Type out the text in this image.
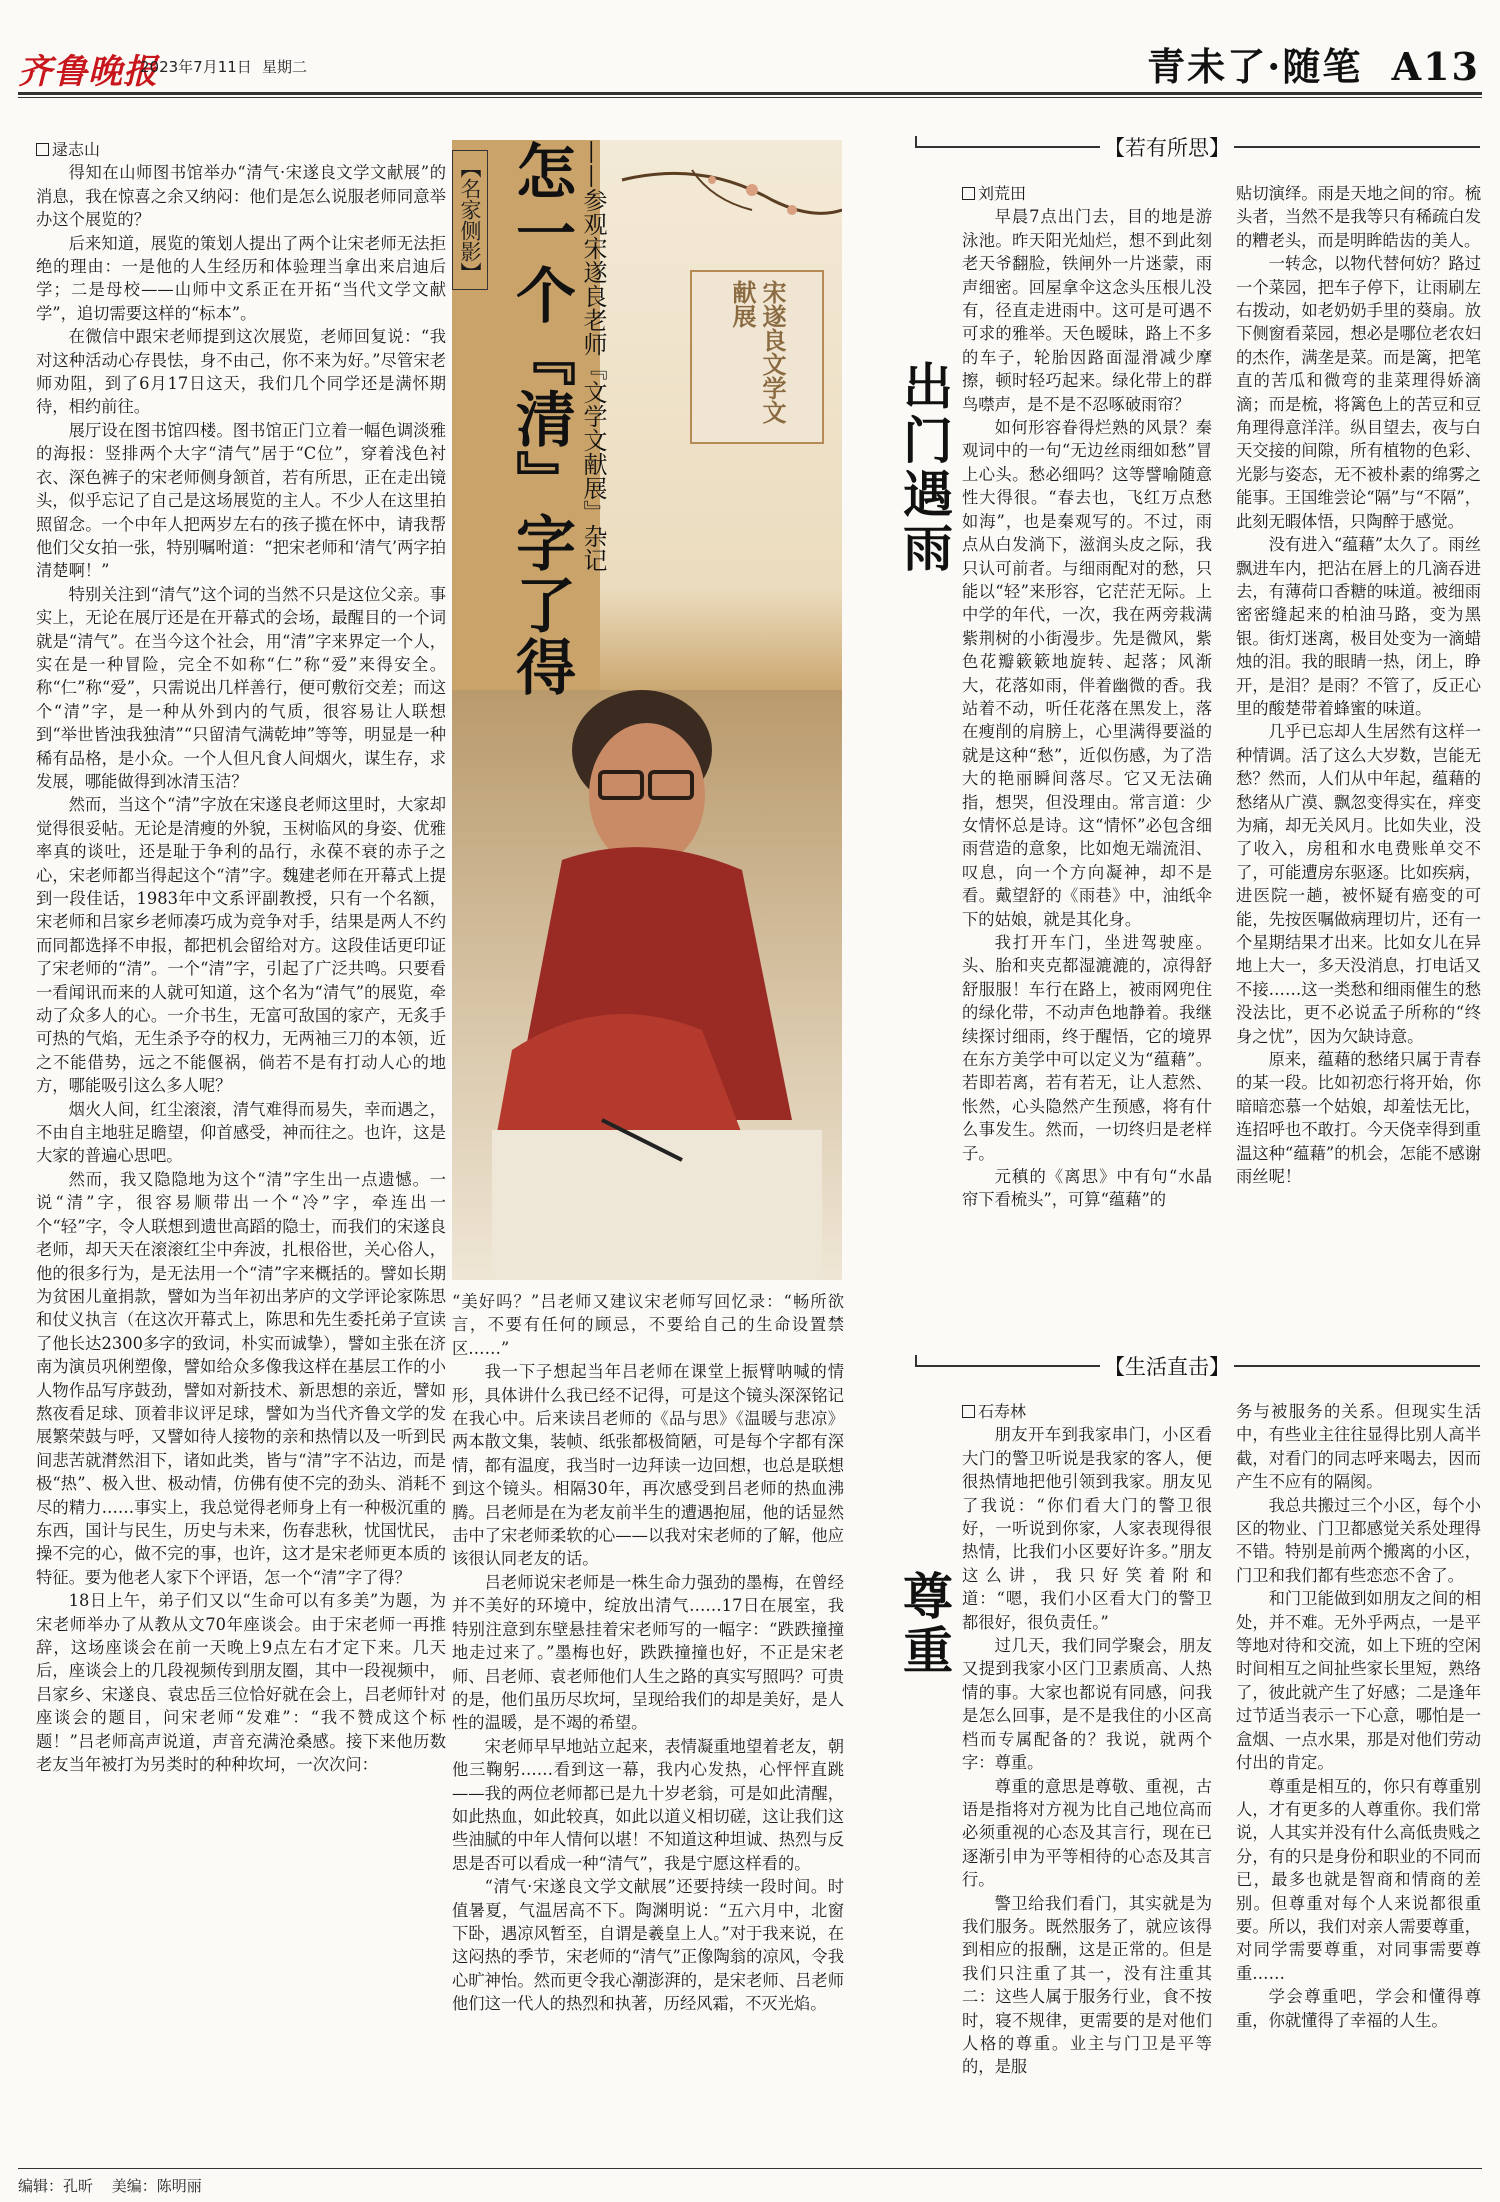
齐鲁晚报
2023年7月11日 星期二	青未了·随笔 A13
宋遂良文学文献展
【名家侧影】 怎一个『清』字了得 ——参观宋遂良老师『文学文献展』杂记

逯志山

得知在山师图书馆举办“清气·宋遂良文学文献展”的消息，我在惊喜之余又纳闷：他们是怎么说服老师同意举办这个展览的？

后来知道，展览的策划人提出了两个让宋老师无法拒绝的理由：一是他的人生经历和体验理当拿出来启迪后学；二是母校——山师中文系正在开拓“当代文学文献学”，追切需要这样的“标本”。

在微信中跟宋老师提到这次展览，老师回复说：“我对这种活动心存畏怯，身不由己，你不来为好。”尽管宋老师劝阻，到了6月17日这天，我们几个同学还是满怀期待，相约前往。

展厅设在图书馆四楼。图书馆正门立着一幅色调淡雅的海报：竖排两个大字“清气”居于“C位”，穿着浅色衬衣、深色裤子的宋老师侧身颔首，若有所思，正在走出镜头，似乎忘记了自己是这场展览的主人。不少人在这里拍照留念。一个中年人把两岁左右的孩子揽在怀中，请我帮他们父女拍一张，特别嘱咐道：“把宋老师和‘清气’两字拍清楚啊！”

特别关注到“清气”这个词的当然不只是这位父亲。事实上，无论在展厅还是在开幕式的会场，最醒目的一个词就是“清气”。在当今这个社会，用“清”字来界定一个人，实在是一种冒险，完全不如称“仁”称“爱”来得安全。称“仁”称“爱”，只需说出几样善行，便可敷衍交差；而这个“清”字，是一种从外到内的气质，很容易让人联想到“举世皆浊我独清”“只留清气满乾坤”等等，明显是一种稀有品格，是小众。一个人但凡食人间烟火，谋生存，求发展，哪能做得到冰清玉洁？

然而，当这个“清”字放在宋遂良老师这里时，大家却觉得很妥帖。无论是清瘦的外貌，玉树临风的身姿、优雅率真的谈吐，还是耻于争利的品行，永葆不衰的赤子之心，宋老师都当得起这个“清”字。魏建老师在开幕式上提到一段佳话，1983年中文系评副教授，只有一个名额，宋老师和吕家乡老师凑巧成为竞争对手，结果是两人不约而同都选择不申报，都把机会留给对方。这段佳话更印证了宋老师的“清”。一个“清”字，引起了广泛共鸣。只要看一看闻讯而来的人就可知道，这个名为“清气”的展览，牵动了众多人的心。一介书生，无富可敌国的家产，无炙手可热的气焰，无生杀予夺的权力，无两袖三刀的本领，近之不能借势，远之不能偃祸，倘若不是有打动人心的地方，哪能吸引这么多人呢？

烟火人间，红尘滚滚，清气难得而易失，幸而遇之，不由自主地驻足瞻望，仰首感受，神而往之。也许，这是大家的普遍心思吧。

然而，我又隐隐地为这个“清”字生出一点遗憾。一说“清”字，很容易顺带出一个“冷”字，牵连出一个“轻”字，令人联想到遗世高蹈的隐士，而我们的宋遂良老师，却天天在滚滚红尘中奔波，扎根俗世，关心俗人，他的很多行为，是无法用一个“清”字来概括的。譬如长期为贫困儿童捐款，譬如为当年初出茅庐的文学评论家陈思和仗义执言（在这次开幕式上，陈思和先生委托弟子宣读了他长达2300多字的致词，朴实而诚挚），譬如主张在济南为演员巩俐塑像，譬如给众多像我这样在基层工作的小人物作品写序鼓劲，譬如对新技术、新思想的亲近，譬如熬夜看足球、顶着非议评足球，譬如为当代齐鲁文学的发展繁荣鼓与呼，又譬如待人接物的亲和热情以及一听到民间悲苦就潸然泪下，诸如此类，皆与“清”字不沾边，而是极“热”、极入世、极动情，仿佛有使不完的劲头、消耗不尽的精力……事实上，我总觉得老师身上有一种极沉重的东西，国计与民生，历史与未来，伤春悲秋，忧国忧民，操不完的心，做不完的事，也许，这才是宋老师更本质的特征。要为他老人家下个评语，怎一个“清”字了得？

18日上午，弟子们又以“生命可以有多美”为题，为宋老师举办了从教从文70年座谈会。由于宋老师一再推辞，这场座谈会在前一天晚上9点左右才定下来。几天后，座谈会上的几段视频传到朋友圈，其中一段视频中，吕家乡、宋遂良、袁忠岳三位恰好就在会上，吕老师针对座谈会的题目，问宋老师“发难”：“我不赞成这个标题！”吕老师高声说道，声音充满沧桑感。接下来他历数老友当年被打为另类时的种种坎坷，一次次问：

“美好吗？”吕老师又建议宋老师写回忆录：“畅所欲言，不要有任何的顾忌，不要给自己的生命设置禁区……”

我一下子想起当年吕老师在课堂上振臂呐喊的情形，具体讲什么我已经不记得，可是这个镜头深深铭记在我心中。后来读吕老师的《品与思》《温暖与悲凉》两本散文集，装帧、纸张都极简陋，可是每个字都有深情，都有温度，我当时一边拜读一边回想，也总是联想到这个镜头。相隔30年，再次感受到吕老师的热血沸腾。吕老师是在为老友前半生的遭遇抱屈，他的话显然击中了宋老师柔软的心——以我对宋老师的了解，他应该很认同老友的话。

吕老师说宋老师是一株生命力强劲的墨梅，在曾经并不美好的环境中，绽放出清气……17日在展室，我特别注意到东壁悬挂着宋老师写的一幅字：“跌跌撞撞地走过来了。”墨梅也好，跌跌撞撞也好，不正是宋老师、吕老师、袁老师他们人生之路的真实写照吗？可贵的是，他们虽历尽坎坷，呈现给我们的却是美好，是人性的温暖，是不竭的希望。

宋老师早早地站立起来，表情凝重地望着老友，朝他三鞠躬……看到这一幕，我内心发热，心怦怦直跳——我的两位老师都已是九十岁老翁，可是如此清醒，如此热血，如此较真，如此以道义相切磋，这让我们这些油腻的中年人情何以堪！不知道这种坦诚、热烈与反思是否可以看成一种“清气”，我是宁愿这样看的。

“清气·宋遂良文学文献展”还要持续一段时间。时值暑夏，气温居高不下。陶渊明说：“五六月中，北窗下卧，遇凉风暂至，自谓是羲皇上人。”对于我来说，在这闷热的季节，宋老师的“清气”正像陶翁的凉风，令我心旷神怡。然而更令我心潮澎湃的，是宋老师、吕老师他们这一代人的热烈和执著，历经风霜，不灭光焰。

【若有所思】
出门遇雨

刘荒田

早晨7点出门去，目的地是游泳池。昨天阳光灿烂，想不到此刻老天爷翻脸，铁闸外一片迷蒙，雨声细密。回屋拿伞这念头压根儿没有，径直走进雨中。这可是可遇不可求的雅举。天色暧昧，路上不多的车子，轮胎因路面湿滑减少摩擦，顿时轻巧起来。绿化带上的群鸟噤声，是不是不忍啄破雨帘？

如何形容眷得烂熟的风景？秦观词中的一句“无边丝雨细如愁”冒上心头。愁必细吗？这等譬喻随意性大得很。“春去也，飞红万点愁如海”，也是秦观写的。不过，雨点从白发淌下，滋润头皮之际，我只认可前者。与细雨配对的愁，只能以“轻”来形容，它茫茫无际。上中学的年代，一次，我在两旁栽满紫荆树的小街漫步。先是微风，紫色花瓣簌簌地旋转、起落；风渐大，花落如雨，伴着幽微的香。我站着不动，听任花落在黑发上，落在瘦削的肩膀上，心里满得要溢的就是这种“愁”，近似伤感，为了浩大的艳丽瞬间落尽。它又无法确指，想哭，但没理由。常言道：少女情怀总是诗。这“情怀”必包含细雨营造的意象，比如炮无端流泪、叹息，向一个方向凝神，却不是看。戴望舒的《雨巷》中，油纸伞下的姑娘，就是其化身。

我打开车门，坐进驾驶座。头、胎和夹克都湿漉漉的，凉得舒舒服服！车行在路上，被雨网兜住的绿化带，不动声色地静着。我继续探讨细雨，终于醒悟，它的境界在东方美学中可以定义为“蕴藉”。若即若离，若有若无，让人惹然、怅然，心头隐然产生预感，将有什么事发生。然而，一切终归是老样子。

元稹的《离思》中有句“水晶帘下看梳头”，可算“蕴藉”的

贴切演绎。雨是天地之间的帘。梳头者，当然不是我等只有稀疏白发的糟老头，而是明眸皓齿的美人。

一转念，以物代替何妨？路过一个菜园，把车子停下，让雨刷左右拨动，如老奶奶手里的葵扇。放下侧窗看菜园，想必是哪位老农妇的杰作，满垄是菜。而是篱，把笔直的苦瓜和微弯的韭菜理得娇滴滴；而是梳，将篱色上的苦豆和豆角理得意洋洋。纵目望去，夜与白天交接的间隙，所有植物的色彩、光影与姿态，无不被朴素的绵雾之能事。王国维尝论“隔”与“不隔”，此刻无暇体悟，只陶醉于感觉。

没有进入“蕴藉”太久了。雨丝飘进车内，把沾在唇上的几滴吞进去，有薄荷口香糖的味道。被细雨密密缝起来的柏油马路，变为黑银。街灯迷离，极目处变为一滴蜡烛的泪。我的眼睛一热，闭上，睁开，是泪？是雨？不管了，反正心里的酸楚带着蜂蜜的味道。

几乎已忘却人生居然有这样一种情调。活了这么大岁数，岂能无愁？然而，人们从中年起，蕴藉的愁绪从广漠、飘忽变得实在，痒变为痛，却无关风月。比如失业，没了收入，房租和水电费账单交不了，可能遭房东驱逐。比如疾病，进医院一趟，被怀疑有癌变的可能，先按医嘱做病理切片，还有一个星期结果才出来。比如女儿在异地上大一，多天没消息，打电话又不接……这一类愁和细雨催生的愁没法比，更不必说孟子所称的“终身之忧”，因为欠缺诗意。

原来，蕴藉的愁绪只属于青春的某一段。比如初恋行将开始，你暗暗恋慕一个姑娘，却羞怯无比，连招呼也不敢打。今天侥幸得到重温这种“蕴藉”的机会，怎能不感谢雨丝呢！

【生活直击】
尊重

石寿林

朋友开车到我家串门，小区看大门的警卫听说是我家的客人，便很热情地把他引领到我家。朋友见了我说：“你们看大门的警卫很好，一听说到你家，人家表现得很热情，比我们小区要好许多。”朋友这么讲，我只好笑着附和道：“嗯，我们小区看大门的警卫都很好，很负责任。”

过几天，我们同学聚会，朋友又提到我家小区门卫素质高、人热情的事。大家也都说有同感，问我是怎么回事，是不是我住的小区高档而专属配备的？我说，就两个字：尊重。

尊重的意思是尊敬、重视，古语是指将对方视为比自己地位高而必须重视的心态及其言行，现在已逐渐引申为平等相待的心态及其言行。

警卫给我们看门，其实就是为我们服务。既然服务了，就应该得到相应的报酬，这是正常的。但是我们只注重了其一，没有注重其二：这些人属于服务行业，食不按时，寝不规律，更需要的是对他们人格的尊重。业主与门卫是平等的，是服

务与被服务的关系。但现实生活中，有些业主往往显得比别人高半截，对看门的同志呼来喝去，因而产生不应有的隔阂。

我总共搬过三个小区，每个小区的物业、门卫都感觉关系处理得不错。特别是前两个搬离的小区，门卫和我们都有些恋恋不舍了。

和门卫能做到如朋友之间的相处，并不难。无外乎两点，一是平等地对待和交流，如上下班的空闲时间相互之间扯些家长里短，熟络了，彼此就产生了好感；二是逢年过节适当表示一下心意，哪怕是一盒烟、一点水果，那是对他们劳动付出的肯定。

尊重是相互的，你只有尊重别人，才有更多的人尊重你。我们常说，人其实并没有什么高低贵贱之分，有的只是身份和职业的不同而已，最多也就是智商和情商的差别。但尊重对每个人来说都很重要。所以，我们对亲人需要尊重，对同学需要尊重，对同事需要尊重……

学会尊重吧，学会和懂得尊重，你就懂得了幸福的人生。

编辑：孔昕 美编：陈明丽
